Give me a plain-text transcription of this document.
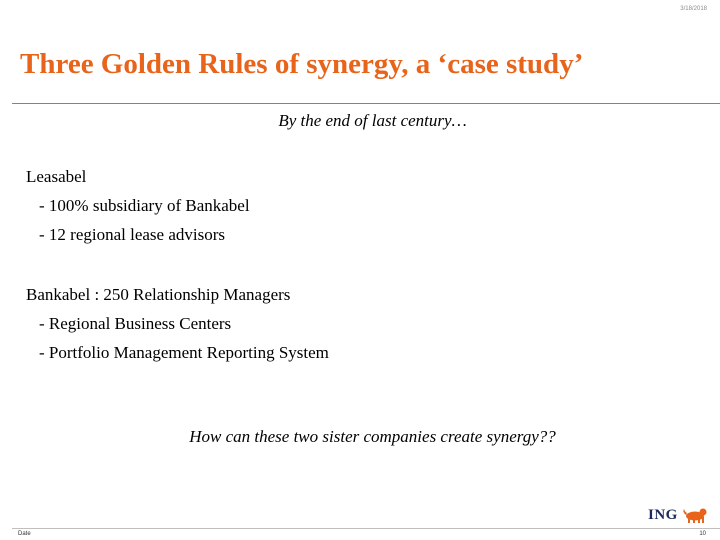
3/18/2018
Three Golden Rules of synergy, a ‘case study’
By the end of last century…
Leasabel
- 100% subsidiary of Bankabel
- 12 regional lease advisors
Bankabel : 250 Relationship Managers
- Regional Business Centers
- Portfolio Management Reporting System
How can these two sister companies create synergy??
ING
Date	10
